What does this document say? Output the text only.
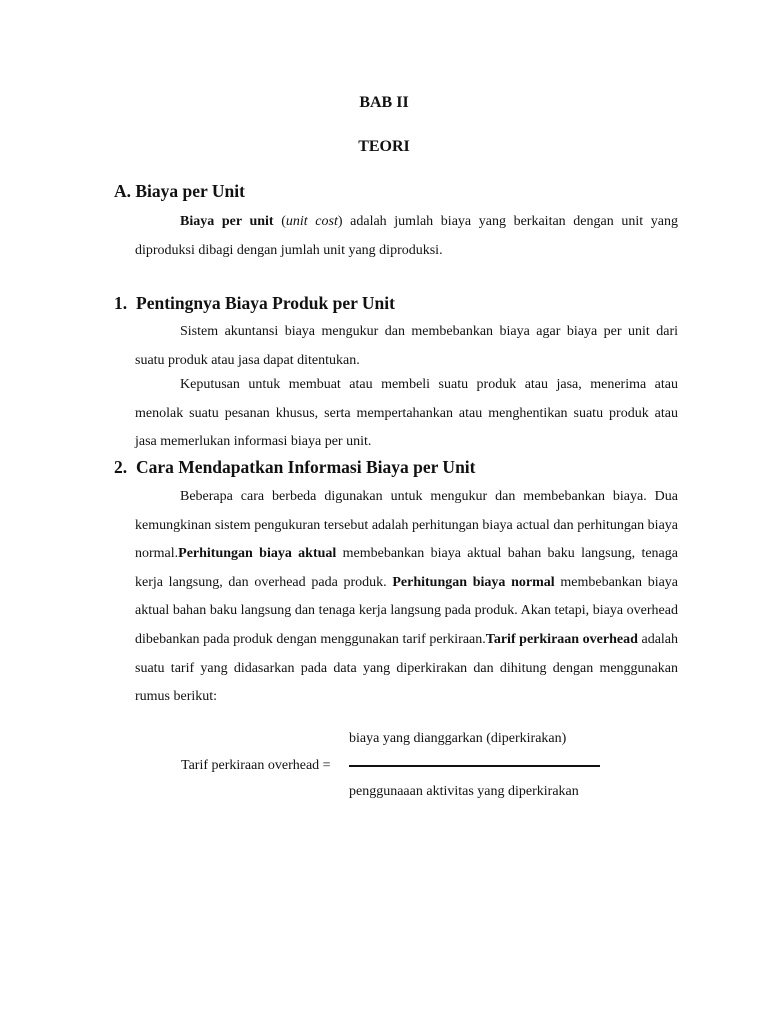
BAB II
TEORI
A. Biaya per Unit

Biaya per unit (unit cost) adalah jumlah biaya yang berkaitan dengan unit yang diproduksi dibagi dengan jumlah unit yang diproduksi.

1. Pentingnya Biaya Produk per Unit

Sistem akuntansi biaya mengukur dan membebankan biaya agar biaya per unit dari suatu produk atau jasa dapat ditentukan.

Keputusan untuk membuat atau membeli suatu produk atau jasa, menerima atau menolak suatu pesanan khusus, serta mempertahankan atau menghentikan suatu produk atau jasa memerlukan informasi biaya per unit.

2. Cara Mendapatkan Informasi Biaya per Unit

Beberapa cara berbeda digunakan untuk mengukur dan membebankan biaya. Dua kemungkinan sistem pengukuran tersebut adalah perhitungan biaya actual dan perhitungan biaya normal.Perhitungan biaya aktual membebankan biaya aktual bahan baku langsung, tenaga kerja langsung, dan overhead pada produk. Perhitungan biaya normal membebankan biaya aktual bahan baku langsung dan tenaga kerja langsung pada produk. Akan tetapi, biaya overhead dibebankan pada produk dengan menggunakan tarif perkiraan.Tarif perkiraan overhead adalah suatu tarif yang didasarkan pada data yang diperkirakan dan dihitung dengan menggunakan rumus berikut:

biaya yang dianggarkan (diperkirakan)
Tarif perkiraan overhead =
penggunaaan aktivitas yang diperkirakan
